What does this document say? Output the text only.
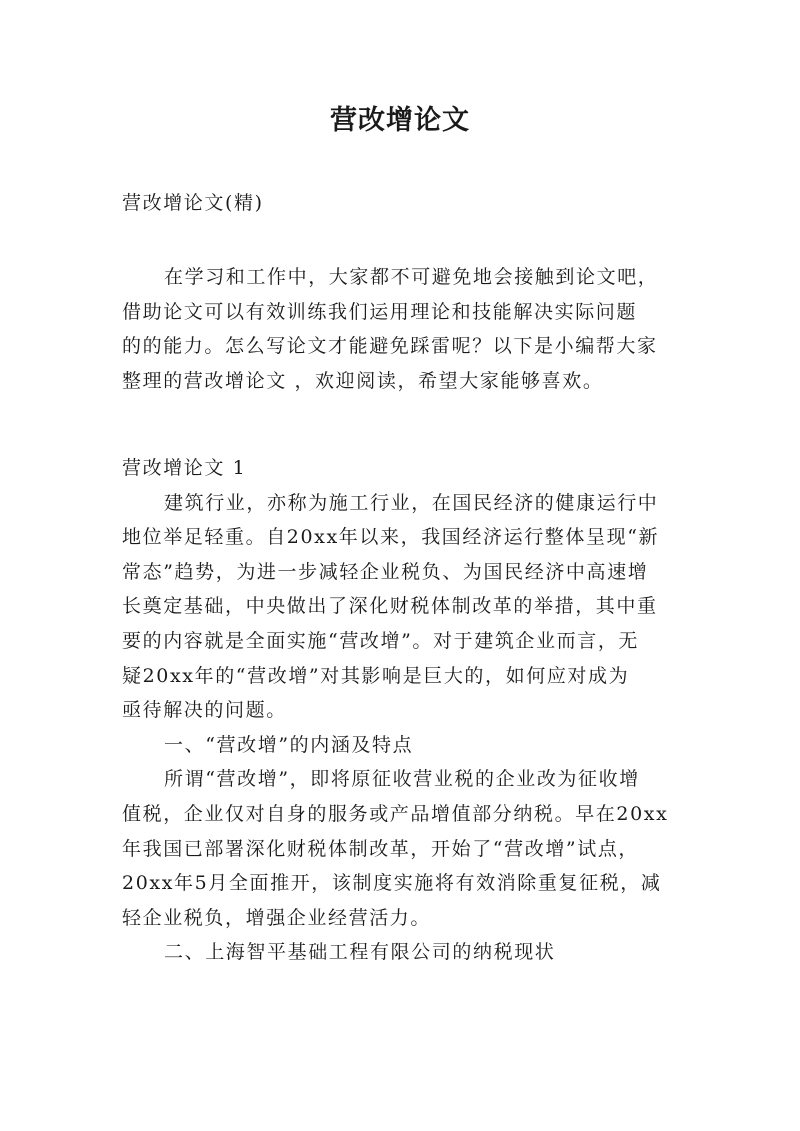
营改增论文
营改增论文(精)

在学习和工作中，大家都不可避免地会接触到论文吧，

借助论文可以有效训练我们运用理论和技能解决实际问题

的的能力。怎么写论文才能避免踩雷呢？以下是小编帮大家

整理的营改增论文 ，欢迎阅读，希望大家能够喜欢。

营改增论文 1

建筑行业，亦称为施工行业，在国民经济的健康运行中

地位举足轻重。自20xx年以来，我国经济运行整体呈现“新

常态”趋势，为进一步减轻企业税负、为国民经济中高速增

长奠定基础，中央做出了深化财税体制改革的举措，其中重

要的内容就是全面实施“营改增”。对于建筑企业而言，无

疑20xx年的“营改增”对其影响是巨大的，如何应对成为

亟待解决的问题。

一、“营改增”的内涵及特点

所谓“营改增”，即将原征收营业税的企业改为征收增

值税，企业仅对自身的服务或产品增值部分纳税。早在20xx

年我国已部署深化财税体制改革，开始了“营改增”试点，

20xx年5月全面推开，该制度实施将有效消除重复征税，减

轻企业税负，增强企业经营活力。

二、上海智平基础工程有限公司的纳税现状
